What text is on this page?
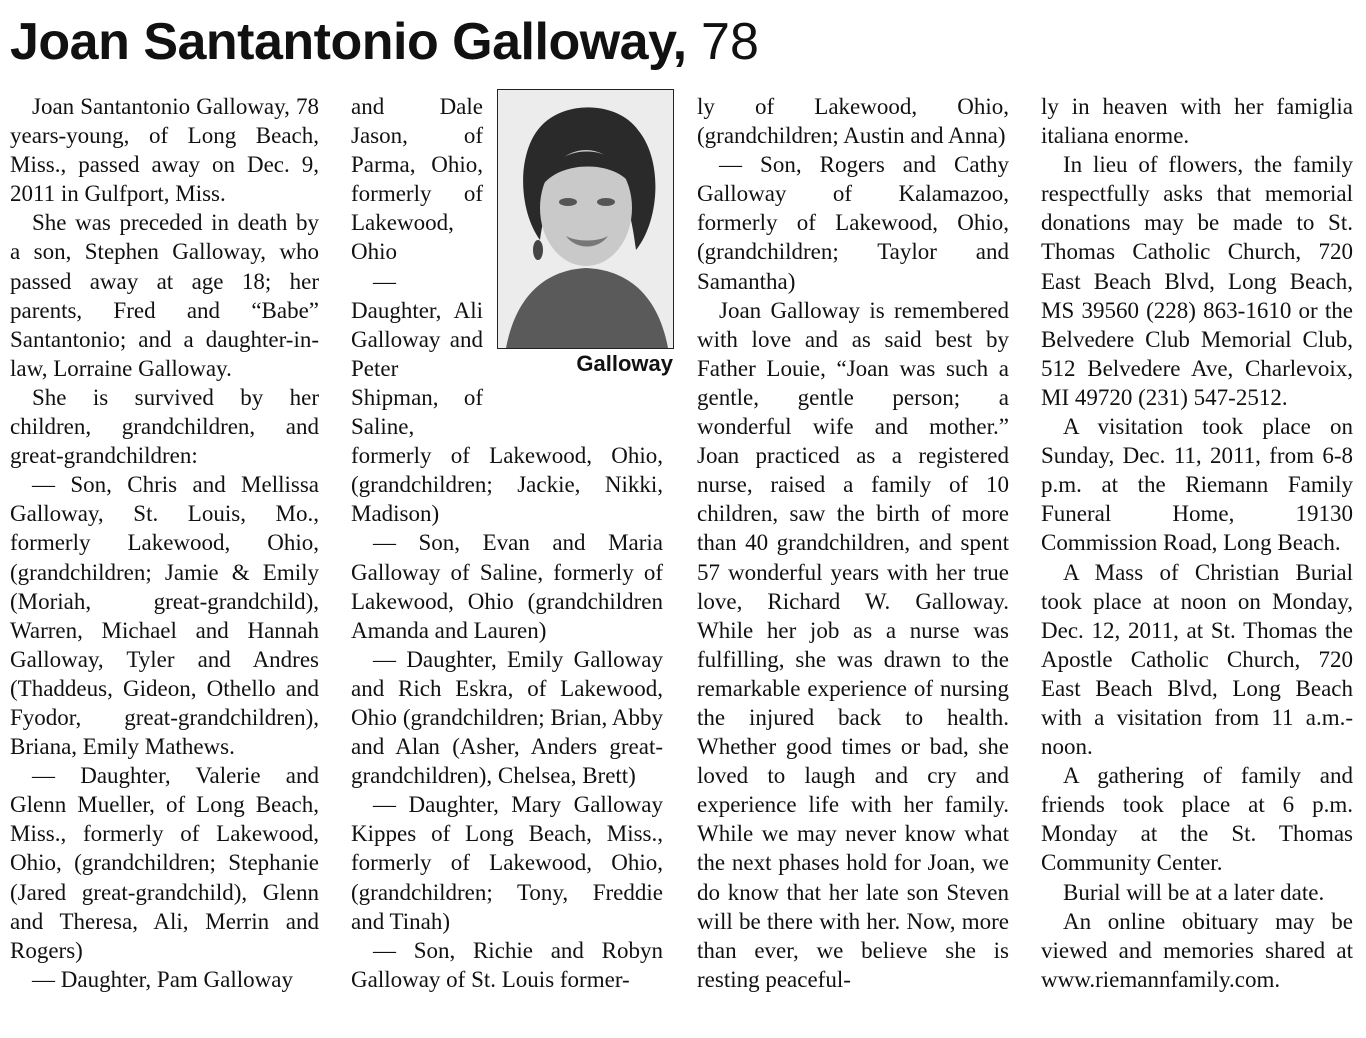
Joan Santantonio Galloway, 78

Joan Santantonio Galloway, 78 years-young, of Long Beach, Miss., passed away on Dec. 9, 2011 in Gulfport, Miss.

She was preceded in death by a son, Stephen Galloway, who passed away at age 18; her parents, Fred and “Babe” Santantonio; and a daughter-in-law, Lorraine Galloway.

She is survived by her children, grandchildren, and great-grandchildren:

— Son, Chris and Mellissa Galloway, St. Louis, Mo., formerly Lakewood, Ohio, (grandchildren; Jamie & Emily (Moriah, great-grandchild), Warren, Michael and Hannah Galloway, Tyler and Andres (Thaddeus, Gideon, Othello and Fyodor, great-grandchildren), Briana, Emily Mathews.

— Daughter, Valerie and Glenn Mueller, of Long Beach, Miss., formerly of Lakewood, Ohio, (grandchildren; Stephanie (Jared great-grandchild), Glenn and Theresa, Ali, Merrin and Rogers)

— Daughter, Pam Galloway

Galloway

and Dale Jason, of Parma, Ohio, formerly of Lakewood, Ohio

— Daughter, Ali Galloway and Peter Shipman, of Saline,

formerly of Lakewood, Ohio, (grandchildren; Jackie, Nikki, Madison)

— Son, Evan and Maria Galloway of Saline, formerly of Lakewood, Ohio (grandchildren Amanda and Lauren)

— Daughter, Emily Galloway and Rich Eskra, of Lakewood, Ohio (grandchildren; Brian, Abby and Alan (Asher, Anders great-grandchildren), Chelsea, Brett)

— Daughter, Mary Galloway Kippes of Long Beach, Miss., formerly of Lakewood, Ohio, (grandchildren; Tony, Freddie and Tinah)

— Son, Richie and Robyn Galloway of St. Louis former-

ly of Lakewood, Ohio, (grandchildren; Austin and Anna)

— Son, Rogers and Cathy Galloway of Kalamazoo, formerly of Lakewood, Ohio, (grandchildren; Taylor and Samantha)

Joan Galloway is remembered with love and as said best by Father Louie, “Joan was such a gentle, gentle person; a wonderful wife and mother.” Joan practiced as a registered nurse, raised a family of 10 children, saw the birth of more than 40 grandchildren, and spent 57 wonderful years with her true love, Richard W. Galloway. While her job as a nurse was fulfilling, she was drawn to the remarkable experience of nursing the injured back to health. Whether good times or bad, she loved to laugh and cry and experience life with her family. While we may never know what the next phases hold for Joan, we do know that her late son Steven will be there with her. Now, more than ever, we believe she is resting peaceful-

ly in heaven with her famiglia italiana enorme.

In lieu of flowers, the family respectfully asks that memorial donations may be made to St. Thomas Catholic Church, 720 East Beach Blvd, Long Beach, MS 39560 (228) 863-1610 or the Belvedere Club Memorial Club, 512 Belvedere Ave, Charlevoix, MI 49720 (231) 547-2512.

A visitation took place on Sunday, Dec. 11, 2011, from 6-8 p.m. at the Riemann Family Funeral Home, 19130 Commission Road, Long Beach.

A Mass of Christian Burial took place at noon on Monday, Dec. 12, 2011, at St. Thomas the Apostle Catholic Church, 720 East Beach Blvd, Long Beach with a visitation from 11 a.m.-noon.

A gathering of family and friends took place at 6 p.m. Monday at the St. Thomas Community Center.

Burial will be at a later date.

An online obituary may be viewed and memories shared at www.riemannfamily.com.
